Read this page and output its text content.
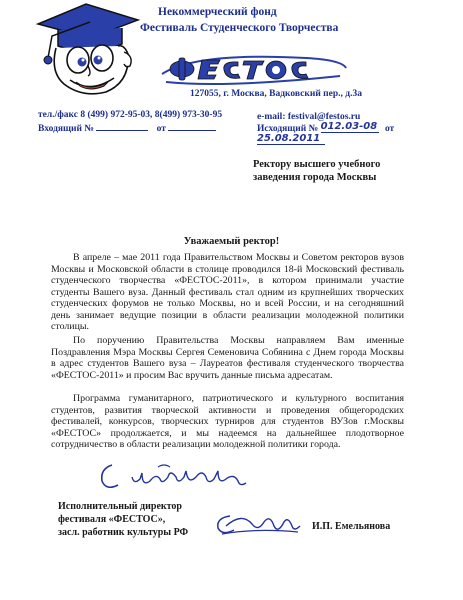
Некоммерческий фонд
Фестиваль Студенческого Творчества
127055, г. Москва, Вадковский пер., д.3а
тел./факс 8 (499) 972-95-03, 8(499) 973-30-95
Входящий №	от
e-mail: festival@festos.ru
Исходящий № 012.03-08 от 25.08.2011
Ректору высшего учебного
заведения города Москвы
Уважаемый ректор!

В апреле – мае 2011 года Правительством Москвы и Советом ректоров вузов Москвы и Московской области в столице проводился 18-й Московский фестиваль студенческого творчества «ФЕСТОС-2011», в котором принимали участие студенты Вашего вуза. Данный фестиваль стал одним из крупнейших творческих студенческих форумов не только Москвы, но и всей России, и на сегодняшний день занимает ведущие позиции в области реализации молодежной политики столицы.

По поручению Правительства Москвы направляем Вам именные Поздравления Мэра Москвы Сергея Семеновича Собянина с Днем города Москвы в адрес студентов Вашего вуза – Лауреатов фестиваля студенческого творчества «ФЕСТОС-2011» и просим Вас вручить данные письма адресатам.

Программа гуманитарного, патриотического и культурного воспитания студентов, развития творческой активности и проведения общегородских фестивалей, конкурсов, творческих турниров для студентов ВУЗов г.Москвы «ФЕСТОС» продолжается, и мы надеемся на дальнейшее плодотворное сотрудничество в области реализации молодежной политики города.

Исполнительный директор
фестиваля «ФЕСТОС»,
засл. работник культуры РФ
И.П. Емельянова
